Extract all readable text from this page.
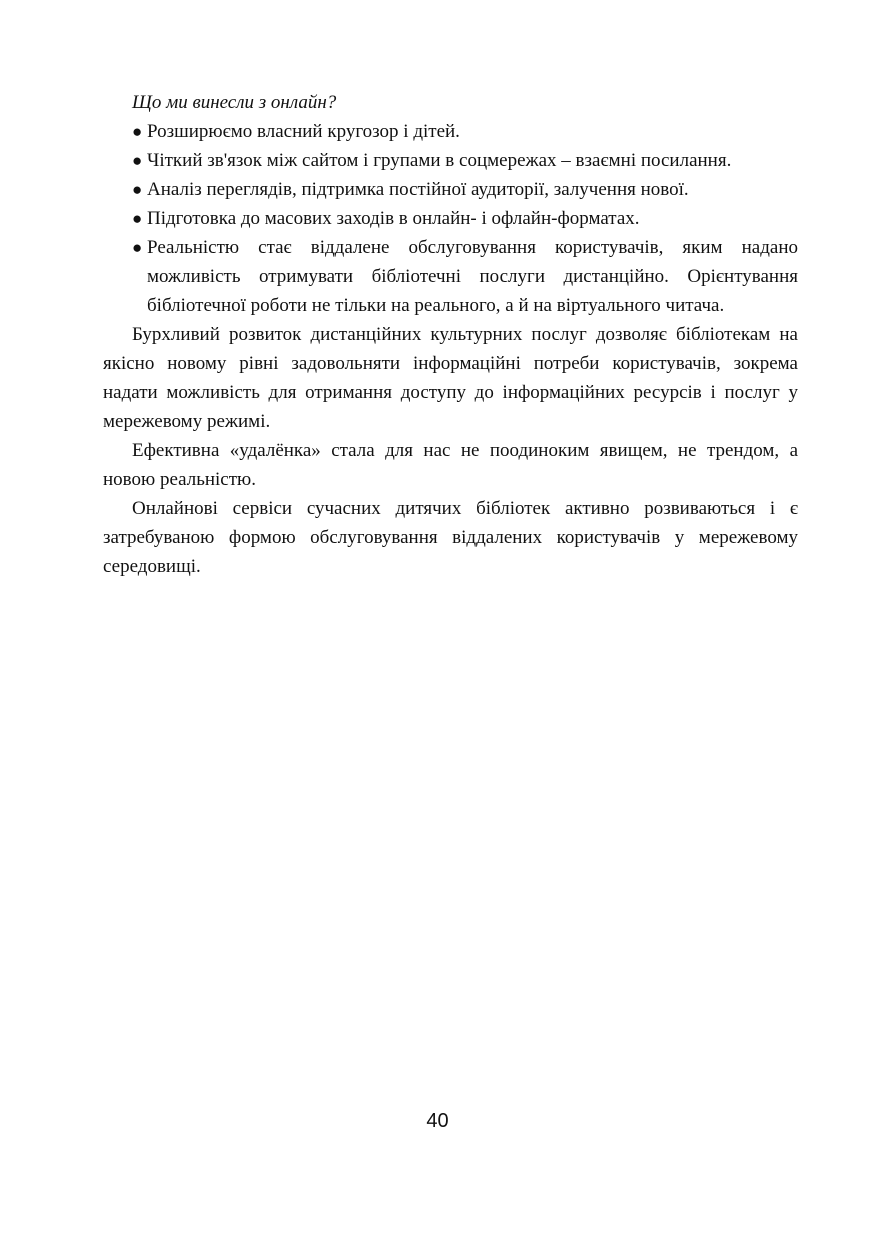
Що ми винесли з онлайн?

● Розширюємо власний кругозор і дітей.
● Чіткий зв'язок між сайтом і групами в соцмережах – взаємні посилання.
● Аналіз переглядів, підтримка постійної аудиторії, залучення нової.
● Підготовка до масових заходів в онлайн- і офлайн-форматах.
● Реальністю стає віддалене обслуговування користувачів, яким надано можливість отримувати бібліотечні послуги дистанційно. Орієнтування бібліотечної роботи не тільки на реального, а й на віртуального читача.

Бурхливий розвиток дистанційних культурних послуг дозволяє бібліотекам на якісно новому рівні задовольняти інформаційні потреби користувачів, зокрема надати можливість для отримання доступу до інформаційних ресурсів і послуг у мережевому режимі.

Ефективна «удалёнка» стала для нас не поодиноким явищем, не трендом, а новою реальністю.

Онлайнові сервіси сучасних дитячих бібліотек активно розвиваються і є затребуваною формою обслуговування віддалених користувачів у мережевому середовищі.

40
